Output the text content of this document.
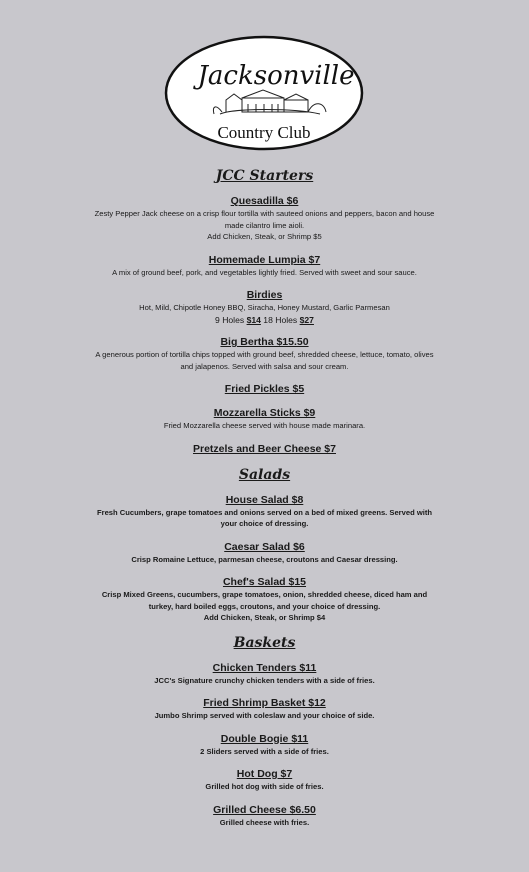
Jacksonville
Country Club
JCC Starters
Quesadilla $6
Zesty Pepper Jack cheese on a crisp flour tortilla with sauteed onions and peppers, bacon and house
made cilantro lime aioli.
Add Chicken, Steak, or Shrimp $5
Homemade Lumpia $7
A mix of ground beef, pork, and vegetables lightly fried. Served with sweet and sour sauce.
Birdies
Hot, Mild, Chipotle Honey BBQ, Siracha, Honey Mustard, Garlic Parmesan
9 Holes $14 18 Holes $27
Big Bertha $15.50
A generous portion of tortilla chips topped with ground beef, shredded cheese, lettuce, tomato, olives
and jalapenos. Served with salsa and sour cream.
Fried Pickles $5
Mozzarella Sticks $9
Fried Mozzarella cheese served with house made marinara.
Pretzels and Beer Cheese $7
Salads
House Salad $8
Fresh Cucumbers, grape tomatoes and onions served on a bed of mixed greens. Served with
your choice of dressing.
Caesar Salad $6
Crisp Romaine Lettuce, parmesan cheese, croutons and Caesar dressing.
Chef's Salad $15
Crisp Mixed Greens, cucumbers, grape tomatoes, onion, shredded cheese, diced ham and
turkey, hard boiled eggs, croutons, and your choice of dressing.
Add Chicken, Steak, or Shrimp $4
Baskets
Chicken Tenders $11
JCC's Signature crunchy chicken tenders with a side of fries.
Fried Shrimp Basket $12
Jumbo Shrimp served with coleslaw and your choice of side.
Double Bogie $11
2 Sliders served with a side of fries.
Hot Dog $7
Grilled hot dog with side of fries.
Grilled Cheese $6.50
Grilled cheese with fries.
